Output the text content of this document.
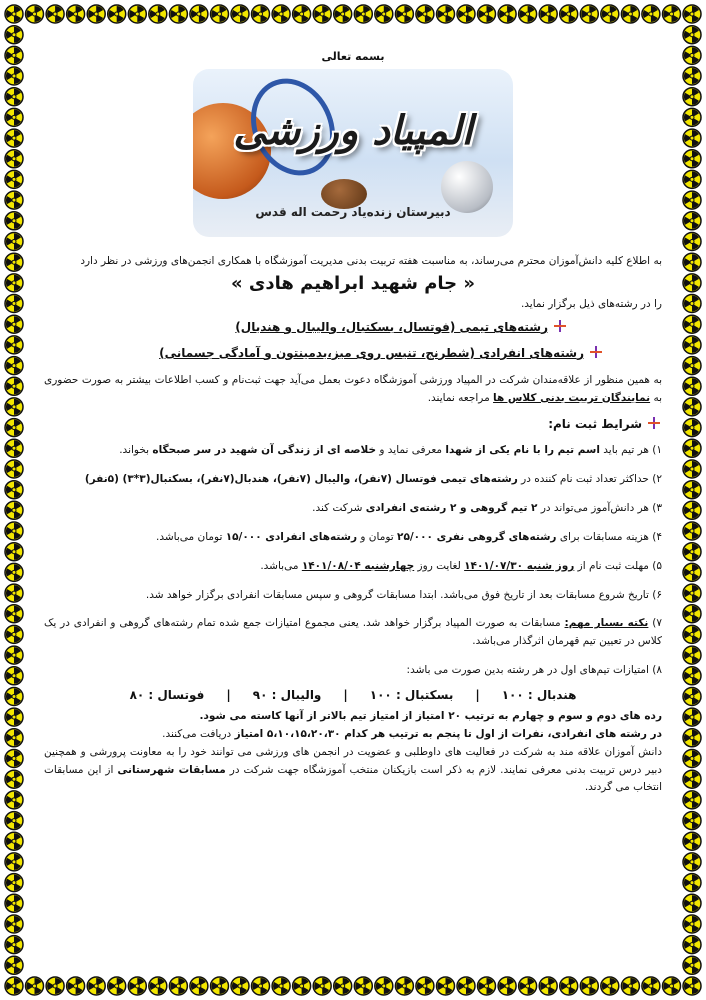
بسمه تعالی
المپیاد ورزشی
دبیرستان زنده‌یاد رحمت اله قدس

به اطلاع کلیه دانش‌آموزان محترم می‌رساند، به مناسبت هفته تربیت بدنی مدیریت آموزشگاه با همکاری انجمن‌های ورزشی در نظر دارد

« جام شهید ابراهیم هادی »

را در رشته‌های ذیل برگزار نماید.

رشته‌های تیمی (فوتسال، بسکتبال، والیبال و هندبال)
رشته‌های انفرادی (شطرنج، تنیس روی میز،بدمینتون و آمادگی جسمانی)

به همین منظور از علاقه‌مندان شرکت در المپیاد ورزشی آموزشگاه دعوت بعمل می‌آید جهت ثبت‌نام و کسب اطلاعات بیشتر به صورت حضوری به نمایندگان تربیت بدنی کلاس ها مراجعه نمایند.

شرایط ثبت نام:

۱) هر تیم باید اسم تیم را با نام یکی از شهدا معرفی نماید و خلاصه ای از زندگی آن شهید در سر صبحگاه بخواند.

۲) حداکثر تعداد ثبت نام کننده در رشته‌های تیمی فوتسال (۷نفر)، والیبال (۷نفر)، هندبال(۷نفر)، بسکتبال(۳*۳) (۵نفر)

۳) هر دانش‌آموز می‌تواند در ۲ تیم گروهی و ۲ رشته‌ی انفرادی شرکت کند.

۴) هزینه مسابقات برای رشته‌های گروهی نفری ۲۵/۰۰۰ تومان و رشته‌های انفرادی ۱۵/۰۰۰ تومان می‌باشد.

۵) مهلت ثبت نام از روز شنبه ۱۴۰۱/۰۷/۳۰ لغایت روز چهارشنبه ۱۴۰۱/۰۸/۰۴ می‌باشد.

۶) تاریخ شروع مسابقات بعد از تاریخ فوق می‌باشد. ابتدا مسابقات گروهی و سپس مسابقات انفرادی برگزار خواهد شد.

۷) نکته بسیار مهم: مسابقات به صورت المپیاد برگزار خواهد شد. یعنی مجموع امتیازات جمع شده تمام رشته‌های گروهی و انفرادی در یک کلاس در تعیین تیم قهرمان اثرگذار می‌باشد.

۸) امتیازات تیم‌های اول در هر رشته بدین صورت می باشد:

هندبال : ۱۰۰
|
بسکتبال : ۱۰۰
|
والیبال : ۹۰
|
فوتسال : ۸۰

رده های دوم و سوم و چهارم به ترتیب ۲۰ امتیاز از امتیاز تیم بالاتر از آنها کاسته می شود.

در رشته های انفرادی، نفرات از اول تا پنجم به ترتیب هر کدام ۵،۱۰،۱۵،۲۰،۳۰ امتیاز دریافت می‌کنند.

دانش آموزان علاقه مند به شرکت در فعالیت های داوطلبی و عضویت در انجمن های ورزشی می توانند خود را به معاونت پرورشی و همچنین دبیر درس تربیت بدنی معرفی نمایند. لازم به ذکر است بازیکنان منتخب آموزشگاه جهت شرکت در مسابقات شهرستانی از این مسابقات انتخاب می گردند.
